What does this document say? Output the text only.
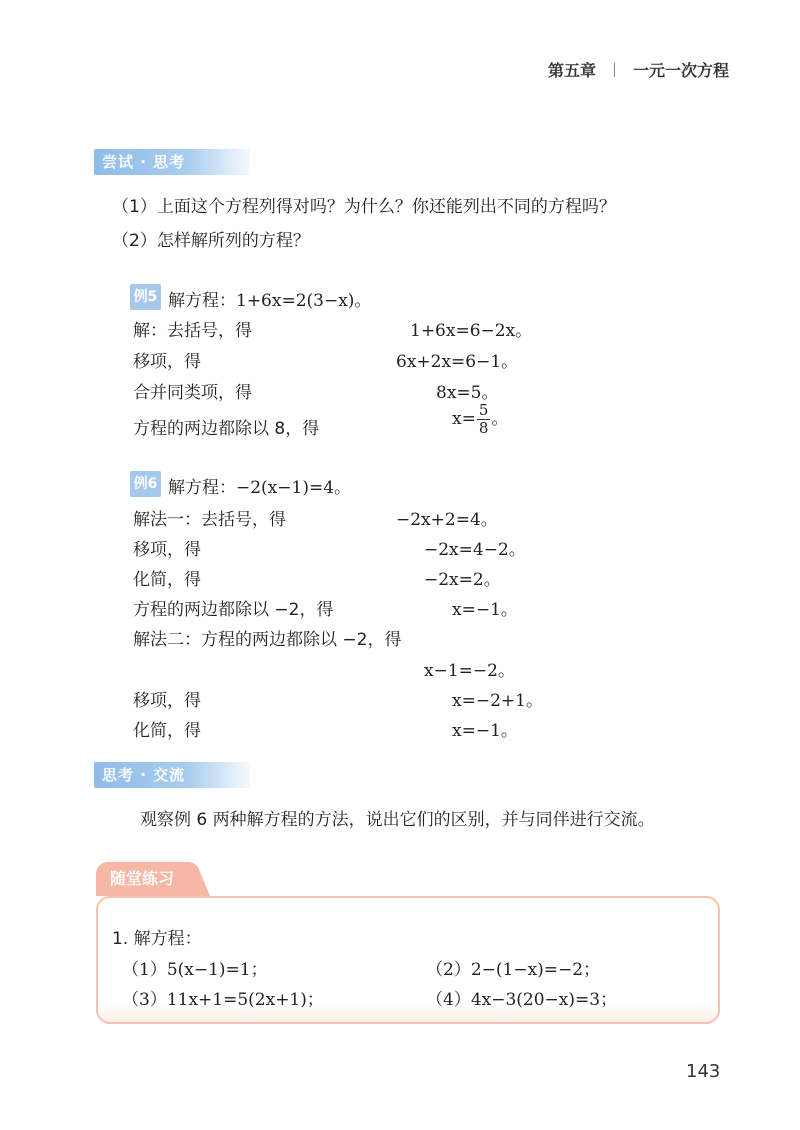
第五章 一元一次方程
尝试 · 思考
（1）上面这个方程列得对吗？为什么？你还能列出不同的方程吗？
（2）怎样解所列的方程？
例5 解方程：1+6x=2(3−x)。
解：去括号，得	1+6x=6−2x。
移项，得	6x+2x=6−1。
合并同类项，得	8x=5。
方程的两边都除以 8，得	$x= \frac{5}{8}$ 。
例6 解方程：−2(x−1)=4。
解法一：去括号，得	−2x+2=4。
移项，得	−2x=4−2。
化简，得	−2x=2。
方程的两边都除以 −2，得	x=−1。
解法二：方程的两边都除以 −2，得
x−1=−2。
移项，得	x=−2+1。
化简，得	x=−1。
思考 · 交流
观察例 6 两种解方程的方法，说出它们的区别，并与同伴进行交流。
随堂练习
1. 解方程：
（1）5(x−1)=1；	（2）2−(1−x)=−2；
（3）11x+1=5(2x+1)；	（4）4x−3(20−x)=3；
143
